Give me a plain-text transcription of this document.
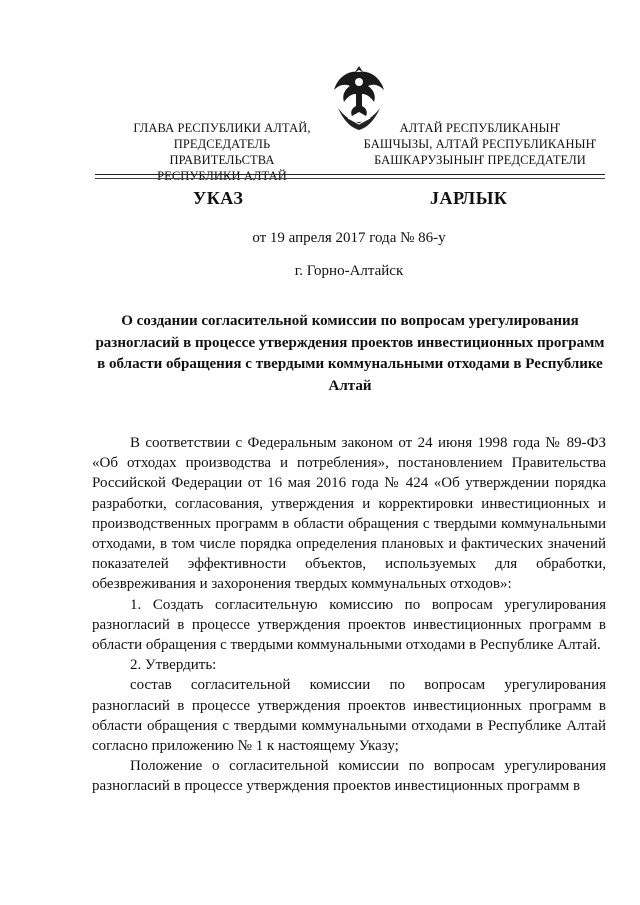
ГЛАВА РЕСПУБЛИКИ АЛТАЙ,
ПРЕДСЕДАТЕЛЬ ПРАВИТЕЛЬСТВА
РЕСПУБЛИКИ АЛТАЙ
АЛТАЙ РЕСПУБЛИКАНЫҤ
БАШЧЫЗЫ, АЛТАЙ РЕСПУБЛИКАНЫҤ
БАШКАРУЗЫНЫҤ ПРЕДСЕДАТЕЛИ
УКАЗ	JАРЛЫК
от 19 апреля 2017 года № 86-у
г. Горно-Алтайск
О создании согласительной комиссии по вопросам урегулирования разногласий в процессе утверждения проектов инвестиционных программ в области обращения с твердыми коммунальными отходами в Республике Алтай

В соответствии с Федеральным законом от 24 июня 1998 года № 89-ФЗ «Об отходах производства и потребления», постановлением Правительства Российской Федерации от 16 мая 2016 года № 424 «Об утверждении порядка разработки, согласования, утверждения и корректировки инвестиционных и производственных программ в области обращения с твердыми коммунальными отходами, в том числе порядка определения плановых и фактических значений показателей эффективности объектов, используемых для обработки, обезвреживания и захоронения твердых коммунальных отходов»:

1. Создать согласительную комиссию по вопросам урегулирования разногласий в процессе утверждения проектов инвестиционных программ в области обращения с твердыми коммунальными отходами в Республике Алтай.

2. Утвердить:

состав согласительной комиссии по вопросам урегулирования разногласий в процессе утверждения проектов инвестиционных программ в области обращения с твердыми коммунальными отходами в Республике Алтай согласно приложению № 1 к настоящему Указу;

Положение о согласительной комиссии по вопросам урегулирования разногласий в процессе утверждения проектов инвестиционных программ в
